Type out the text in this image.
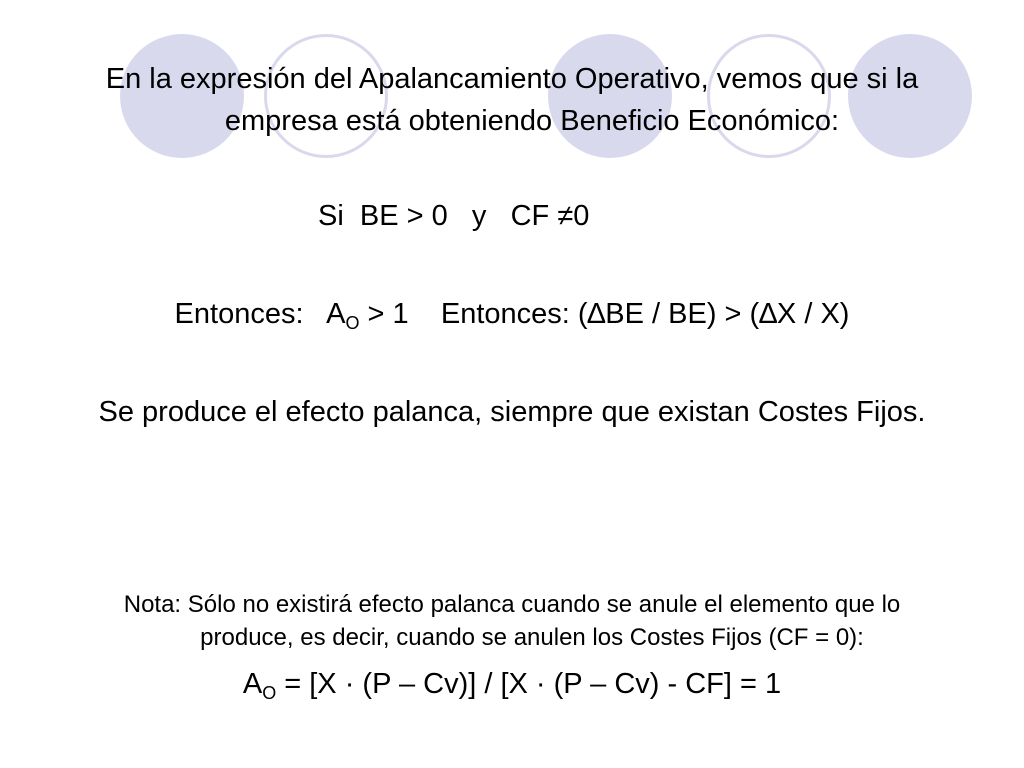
En la expresión del Apalancamiento Operativo, vemos que si la
empresa está obteniendo Beneficio Económico:
Si  BE > 0   y   CF ≠0
Entonces:   $A_O > 1$    Entonces: (∆BE / BE) > (∆X / X)
Se produce el efecto palanca, siempre que existan Costes Fijos.
Nota: Sólo no existirá efecto palanca cuando se anule el elemento que lo
produce, es decir, cuando se anulen los Costes Fijos (CF = 0):
$A_O = [X \cdot (P - Cv)] / [X \cdot (P - Cv) - CF] = 1$
